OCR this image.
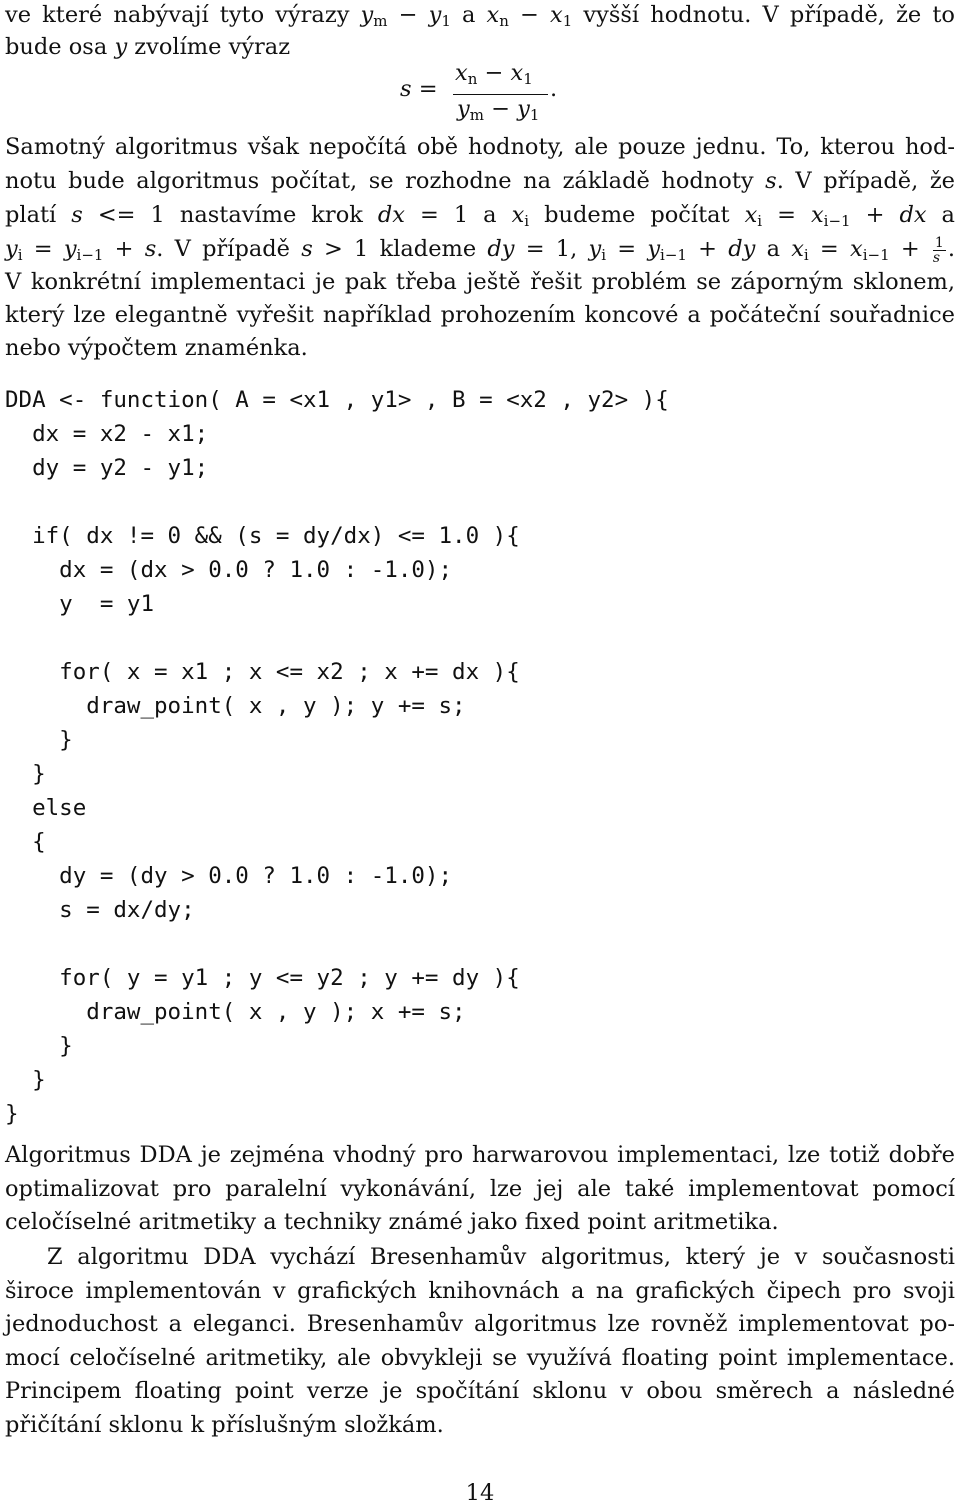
ve které nabývají tyto výrazy $y_m - y_1$ a $x_n - x_1$ vyšší hodnotu. V případě, že to
bude osa y zvolíme výraz
s =
$x_n - x_1$
$y_m - y_1$
.
Samotný algoritmus však nepočítá obě hodnoty, ale pouze jednu. To, kterou hod-
notu bude algoritmus počítat, se rozhodne na základě hodnoty s. V případě, že
platí s <= 1 nastavíme krok dx = 1 a $x_i$ budeme počítat $x_i = x_{i-1}$ + dx a
$y_i = y_{i-1} + s$. V případě s > 1 klademe dy = 1, $y_i = y_{i-1}$ + dy a $x_i = x_{i-1} + \frac{1}{s}$ .
V konkrétní implementaci je pak třeba ještě řešit problém se záporným sklonem,
který lze elegantně vyřešit například prohozením koncové a počáteční souřadnice
nebo výpočtem znaménka.
DDA <- function( A = <x1 , y1> , B = <x2 , y2> ){
dx = x2 - x1;
dy = y2 - y1;

if( dx != 0 && (s = dy/dx) <= 1.0 ){
dx = (dx > 0.0 ? 1.0 : -1.0);
y  = y1

for( x = x1 ; x <= x2 ; x += dx ){
draw_point( x , y ); y += s;
}
}
else
{
dy = (dy > 0.0 ? 1.0 : -1.0);
s = dx/dy;

for( y = y1 ; y <= y2 ; y += dy ){
draw_point( x , y ); x += s;
}
}
}
Algoritmus DDA je zejména vhodný pro harwarovou implementaci, lze totiž dobře
optimalizovat pro paralelní vykonávání, lze jej ale také implementovat pomocí
celočíselné aritmetiky a techniky známé jako fixed point aritmetika.
Z algoritmu DDA vychází Bresenhamův algoritmus, který je v současnosti
široce implementován v grafických knihovnách a na grafických čipech pro svoji
jednoduchost a eleganci. Bresenhamův algoritmus lze rovněž implementovat po-
mocí celočíselné aritmetiky, ale obvykleji se využívá floating point implementace.
Principem floating point verze je spočítání sklonu v obou směrech a následné
přičítání sklonu k příslušným složkám.
14
